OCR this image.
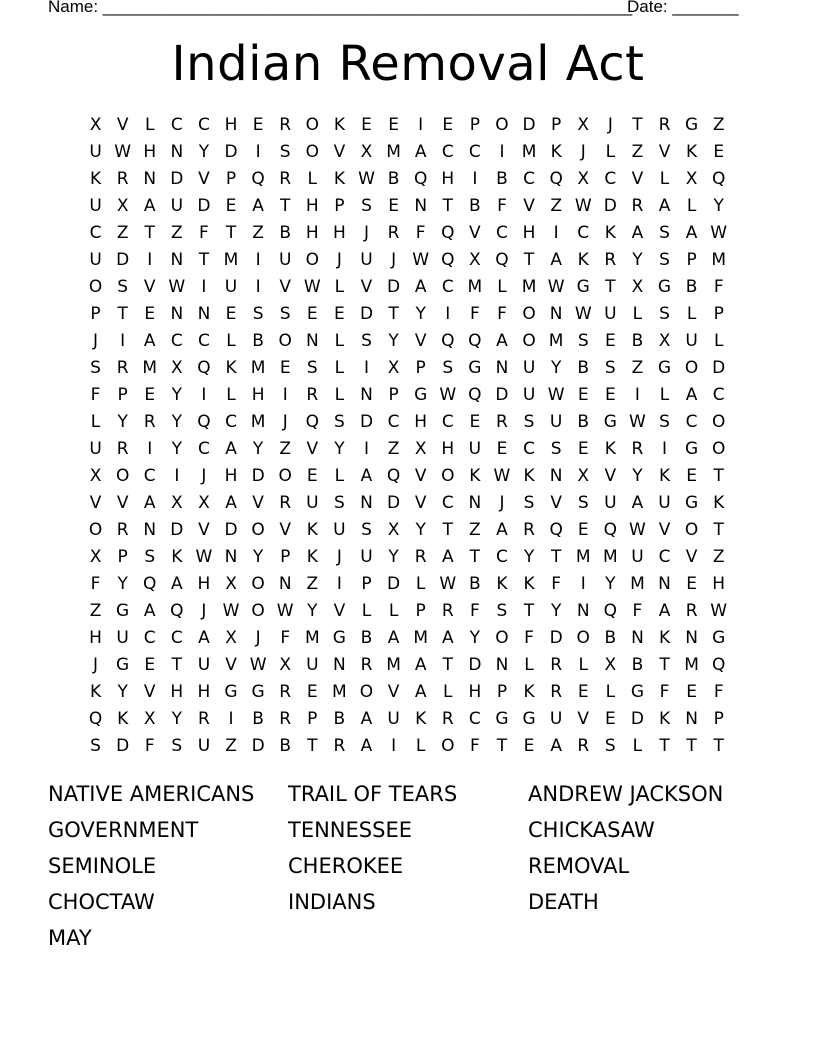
Name: ________________________________________________________
Date: _______
Indian Removal Act
X V L C C H E R O K E E	I	E P O D P X	J	T R G Z
U W H N Y D	I	S O V X M A C C	I	M K	J	L Z V K E
K R N D V P Q R L K W B Q H	I	B C Q X C V L X Q
U X A U D E A T H P S E N T B F V Z W D R A L	Y
C Z T Z F	T Z B H H	J	R F Q V C H	I	C K A S A W
U D	I	N T M	I	U O	J	U	J W Q X Q T A K R Y S P M
O S V W I	U	I	V W L V D A C M L M W G T X G B F
P T E N N E S S E E D T Y	I	F	F O N W U L S L	P
J	I	A C C L B O N L S Y V Q Q A O M S E B X U L
S R M X Q K M E S L	I	X P S G N U Y B S Z G O D
F	P E Y	I	L H	I	R L N P G W Q D U W E E	I	L A C
L	Y R Y Q C M	J	Q S D C H C E R S U B G W S C O
U R	I	Y C A Y Z V Y	I	Z X H U E C S E K R	I	G O
X O C	I	J	H D O E L A Q V O K W K N X V Y K E T
V V A X X A V R U S N D V C N	J	S V S U A U G K
O R N D V D O V K U S X Y T Z A R Q E Q W V O T
X P S K W N Y P K	J	U Y R A T C Y T M M U C V Z
F	Y Q A H X O N Z	I	P D L W B K K F	I	Y M N E H
Z G A Q	J W O W Y V L	L	P R F S T Y N Q F A R W
H U C C A X	J	F M G B A M A Y O F D O B N K N G
J	G E T U V W X U N R M A T D N L R L X B T M Q
K Y V H H G G R E M O V A L H P K R E L G F E F
Q K X Y R	I	B R P B A U K R C G G U V E D K N P
S D F S U Z D B T R A	I	L O F	T E A R S L	T T T
NATIVE AMERICANS	TRAIL OF TEARS	ANDREW JACKSON
GOVERNMENT	TENNESSEE	CHICKASAW
SEMINOLE	CHEROKEE	REMOVAL
CHOCTAW	INDIANS	DEATH
MAY
